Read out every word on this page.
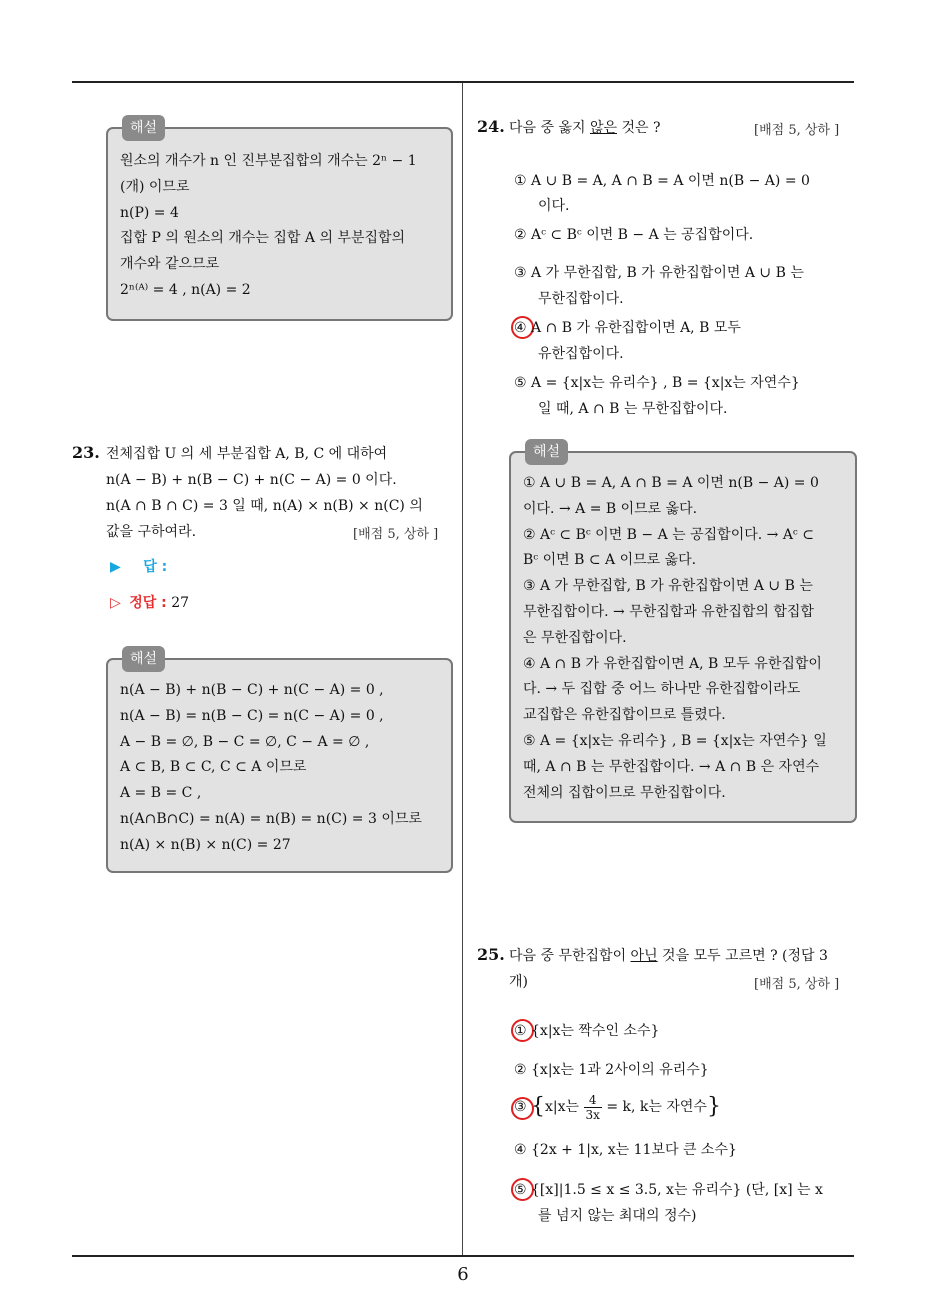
해설
원소의 개수가 n 인 진부분집합의 개수는 2ⁿ − 1
(개) 이므로
n(P) = 4
집합 P 의 원소의 개수는 집합 A 의 부분집합의
개수와 같으므로
2ⁿ⁽ᴬ⁾ = 4 , n(A) = 2
23. 전체집합 U 의 세 부분집합 A, B, C 에 대하여
n(A − B) + n(B − C) + n(C − A) = 0 이다.
n(A ∩ B ∩ C) = 3 일 때, n(A) × n(B) × n(C) 의
값을 구하여라.	[배점 5, 상하 ]
▶ 답 :
▷ 정답 : 27
해설
n(A − B) + n(B − C) + n(C − A) = 0 ,
n(A − B) = n(B − C) = n(C − A) = 0 ,
A − B = ∅, B − C = ∅, C − A = ∅ ,
A ⊂ B, B ⊂ C, C ⊂ A 이므로
A = B = C ,
n(A∩B∩C) = n(A) = n(B) = n(C) = 3 이므로
n(A) × n(B) × n(C) = 27
24. 다음 중 옳지 않은 것은 ?	[배점 5, 상하 ]
① A ∪ B = A, A ∩ B = A 이면 n(B − A) = 0
이다.
② Aᶜ ⊂ Bᶜ 이면 B − A 는 공집합이다.
③ A 가 무한집합, B 가 유한집합이면 A ∪ B 는
무한집합이다.
④ A ∩ B 가 유한집합이면 A, B 모두
유한집합이다.
⑤ A = {x|x는 유리수} , B = {x|x는 자연수}
일 때, A ∩ B 는 무한집합이다.
해설
① A ∪ B = A, A ∩ B = A 이면 n(B − A) = 0
이다. → A = B 이므로 옳다.
② Aᶜ ⊂ Bᶜ 이면 B − A 는 공집합이다. → Aᶜ ⊂
Bᶜ 이면 B ⊂ A 이므로 옳다.
③ A 가 무한집합, B 가 유한집합이면 A ∪ B 는
무한집합이다. → 무한집합과 유한집합의 합집합
은 무한집합이다.
④ A ∩ B 가 유한집합이면 A, B 모두 유한집합이
다. → 두 집합 중 어느 하나만 유한집합이라도
교집합은 유한집합이므로 틀렸다.
⑤ A = {x|x는 유리수} , B = {x|x는 자연수} 일
때, A ∩ B 는 무한집합이다. → A ∩ B 은 자연수
전체의 집합이므로 무한집합이다.
25. 다음 중 무한집합이 아닌 것을 모두 고르면 ? (정답 3
개)	[배점 5, 상하 ]
① {x|x는 짝수인 소수}
② {x|x는 1과 2사이의 유리수}
③ {x|x는 $\frac{4}{3x} = k$, k는 자연수}
④ {2x + 1|x, x는 11보다 큰 소수}
⑤ {[x]|1.5 ≤ x ≤ 3.5, x는 유리수} (단, [x] 는 x
를 넘지 않는 최대의 정수)
6
